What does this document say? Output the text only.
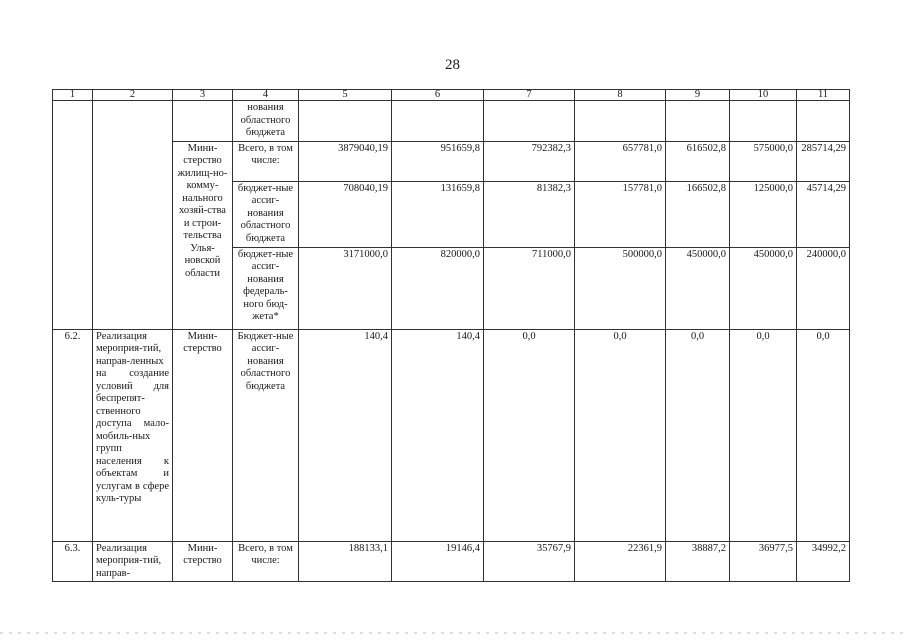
28
1	2	3	4	5	6	7	8	9	10	11
			нования областного бюджета							
		Мини-стерство жилищ-но-комму-нального хозяй-ства и строи-тельства Улья-новской области	Всего, в том числе:	3879040,19	951659,8	792382,3	657781,0	616502,8	575000,0	285714,29
			бюджет-ные ассиг-нования областного бюджета	708040,19	131659,8	81382,3	157781,0	166502,8	125000,0	45714,29
			бюджет-ные ассиг-нования федераль-ного бюд-жета*	3171000,0	820000,0	711000,0	500000,0	450000,0	450000,0	240000,0
6.2.	Реализация мероприя-тий, направ-ленных на создание условий для беспрепят-ственного доступа мало-мобиль-ных групп населения к объектам и услугам в сфере куль-туры	Мини-стерство	Бюджет-ные ассиг-нования областного бюджета	140,4	140,4	0,0	0,0	0,0	0,0	0,0
6.3.	Реализация мероприя-тий, направ-	Мини-стерство	Всего, в том числе:	188133,1	19146,4	35767,9	22361,9	38887,2	36977,5	34992,2
